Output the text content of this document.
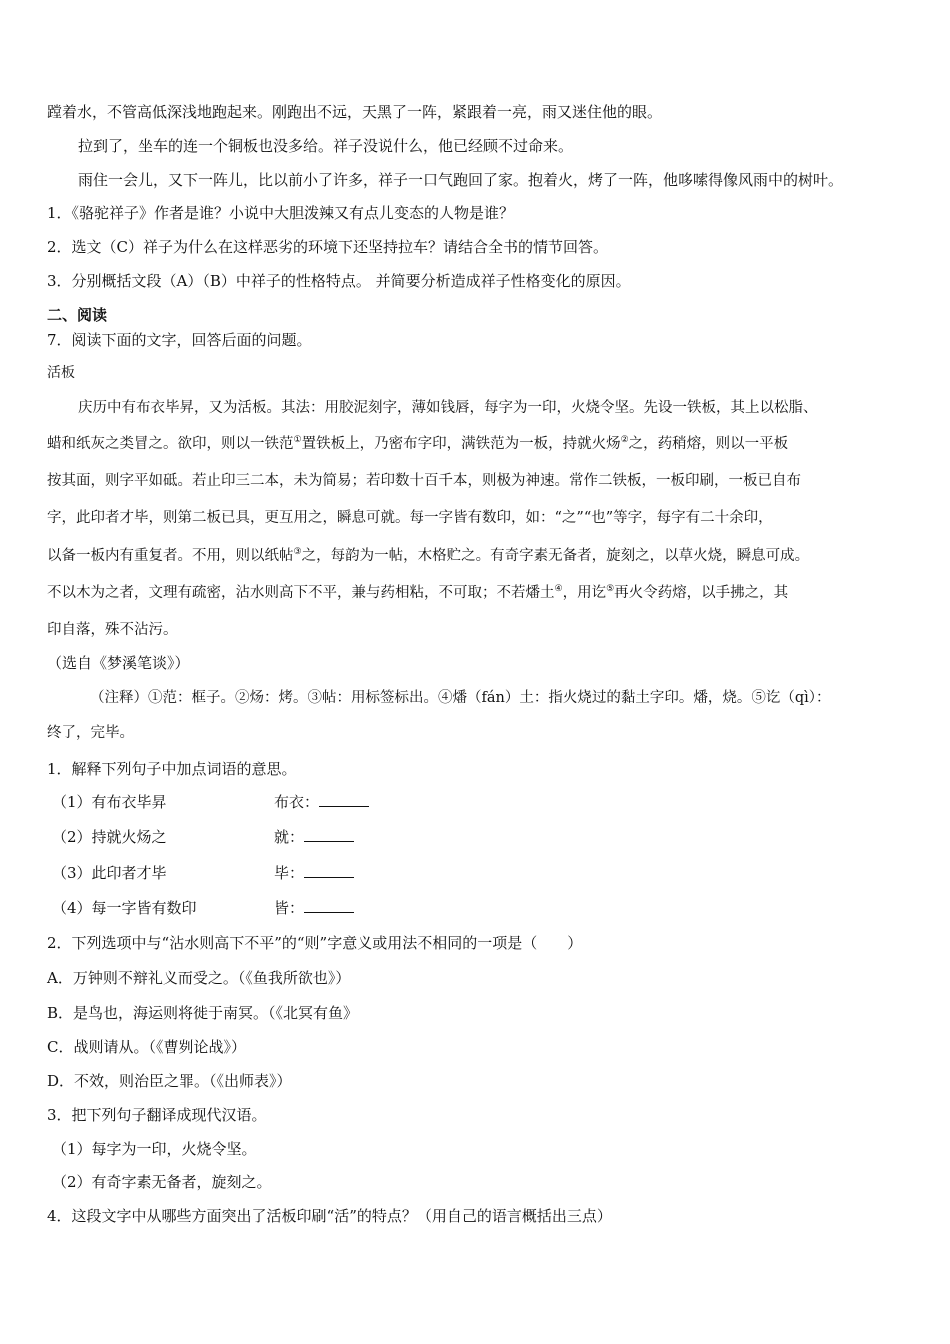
蹚着水，不管高低深浅地跑起来。刚跑出不远，天黑了一阵，紧跟着一亮，雨又迷住他的眼。
拉到了，坐车的连一个铜板也没多给。祥子没说什么，他已经顾不过命来。
雨住一会儿，又下一阵儿，比以前小了许多，祥子一口气跑回了家。抱着火，烤了一阵，他哆嗦得像风雨中的树叶。
1．《骆驼祥子》作者是谁？小说中大胆泼辣又有点儿变态的人物是谁？
2．选文（C）祥子为什么在这样恶劣的环境下还坚持拉车？请结合全书的情节回答。
3．分别概括文段（A）（B）中祥子的性格特点。 并简要分析造成祥子性格变化的原因。
二、阅读
7．阅读下面的文字，回答后面的问题。
活板
庆历中有布衣毕昇，又为活板。其法：用胶泥刻字，薄如钱唇，每字为一印，火烧令坚。先设一铁板，其上以松脂、
蜡和纸灰之类冒之。欲印，则以一铁范①置铁板上，乃密布字印，满铁范为一板，持就火炀②之，药稍熔，则以一平板
按其面，则字平如砥。若止印三二本，未为简易；若印数十百千本，则极为神速。常作二铁板，一板印刷，一板已自布
字，此印者才毕，则第二板已具，更互用之，瞬息可就。每一字皆有数印，如：“之”“也”等字，每字有二十余印，
以备一板内有重复者。不用，则以纸帖③之，每韵为一帖，木格贮之。有奇字素无备者，旋刻之，以草火烧，瞬息可成。
不以木为之者，文理有疏密，沾水则高下不平，兼与药相粘，不可取；不若燔土④，用讫⑤再火令药熔，以手拂之，其
印自落，殊不沾污。
（选自《梦溪笔谈》）
（注释）①范：框子。②炀：烤。③帖：用标签标出。④燔（fán）土：指火烧过的黏土字印。燔，烧。⑤讫（qì）：
终了，完毕。
1．解释下列句子中加点词语的意思。
（1）有布衣毕昇	布衣：
（2）持就火炀之	就：
（3）此印者才毕	毕：
（4）每一字皆有数印	皆：
2．下列选项中与“沾水则高下不平”的“则”字意义或用法不相同的一项是（　　）
A．万钟则不辩礼义而受之。（《鱼我所欲也》）
B．是鸟也，海运则将徙于南冥。（《北冥有鱼》
C．战则请从。（《曹刿论战》）
D．不效，则治臣之罪。（《出师表》）
3．把下列句子翻译成现代汉语。
（1）每字为一印，火烧令坚。
（2）有奇字素无备者，旋刻之。
4．这段文字中从哪些方面突出了活板印刷“活”的特点？（用自己的语言概括出三点）
